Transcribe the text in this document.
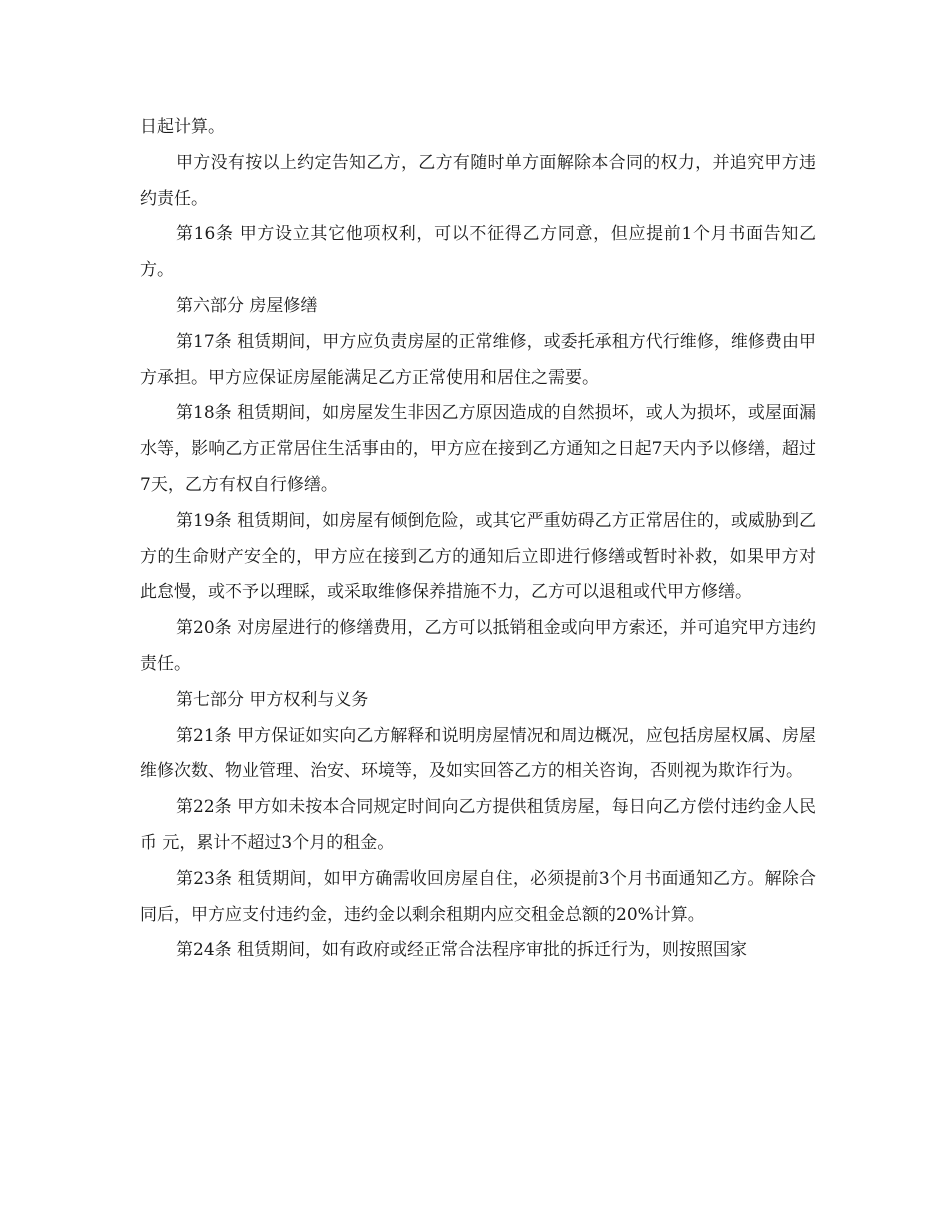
日起计算。

甲方没有按以上约定告知乙方，乙方有随时单方面解除本合同的权力，并追究甲方违约责任。

第16条 甲方设立其它他项权利，可以不征得乙方同意，但应提前1个月书面告知乙方。

第六部分 房屋修缮

第17条 租赁期间，甲方应负责房屋的正常维修，或委托承租方代行维修，维修费由甲方承担。甲方应保证房屋能满足乙方正常使用和居住之需要。

第18条 租赁期间，如房屋发生非因乙方原因造成的自然损坏，或人为损坏，或屋面漏水等，影响乙方正常居住生活事由的，甲方应在接到乙方通知之日起7天内予以修缮，超过7天，乙方有权自行修缮。

第19条 租赁期间，如房屋有倾倒危险，或其它严重妨碍乙方正常居住的，或威胁到乙方的生命财产安全的，甲方应在接到乙方的通知后立即进行修缮或暂时补救，如果甲方对此怠慢，或不予以理睬，或采取维修保养措施不力，乙方可以退租或代甲方修缮。

第20条 对房屋进行的修缮费用，乙方可以抵销租金或向甲方索还，并可追究甲方违约责任。

第七部分 甲方权利与义务

第21条 甲方保证如实向乙方解释和说明房屋情况和周边概况，应包括房屋权属、房屋维修次数、物业管理、治安、环境等，及如实回答乙方的相关咨询，否则视为欺诈行为。

第22条 甲方如未按本合同规定时间向乙方提供租赁房屋，每日向乙方偿付违约金人民币 元，累计不超过3个月的租金。

第23条 租赁期间，如甲方确需收回房屋自住，必须提前3个月书面通知乙方。解除合同后，甲方应支付违约金，违约金以剩余租期内应交租金总额的20%计算。

第24条 租赁期间，如有政府或经正常合法程序审批的拆迁行为，则按照国家
